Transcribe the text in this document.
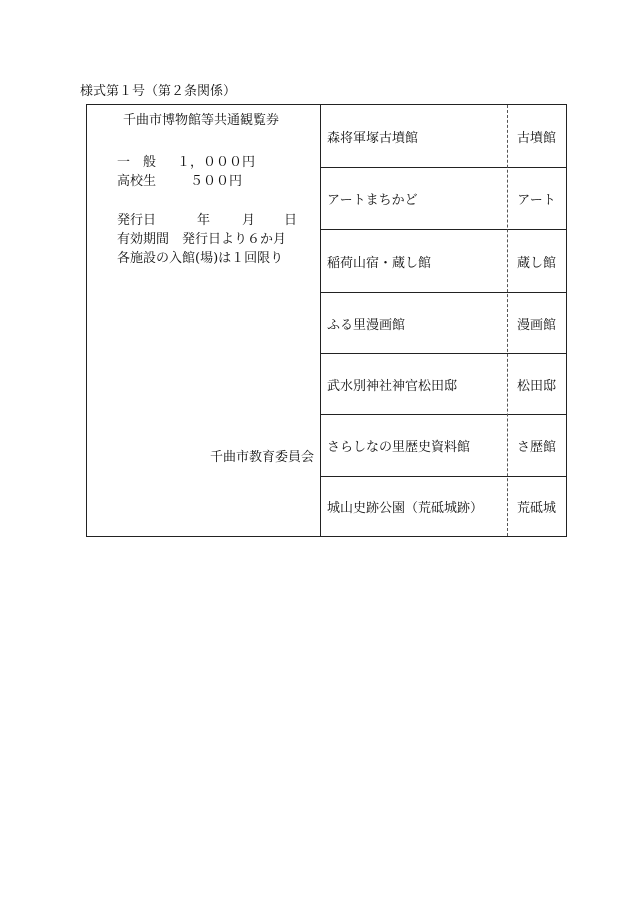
様式第１号（第２条関係）
千曲市博物館等共通観覧券
一　般 １，０００円
高校生　５００円
発行日	年 月 日
有効期間　発行日より６か月
各施設の入館(場)は１回限り
千曲市教育委員会
森将軍塚古墳館	古墳館
アートまちかど	アート
稲荷山宿・蔵し館	蔵し館
ふる里漫画館	漫画館
武水別神社神官松田邸	松田邸
さらしなの里歴史資料館	さ歴館
城山史跡公園（荒砥城跡）	荒砥城
